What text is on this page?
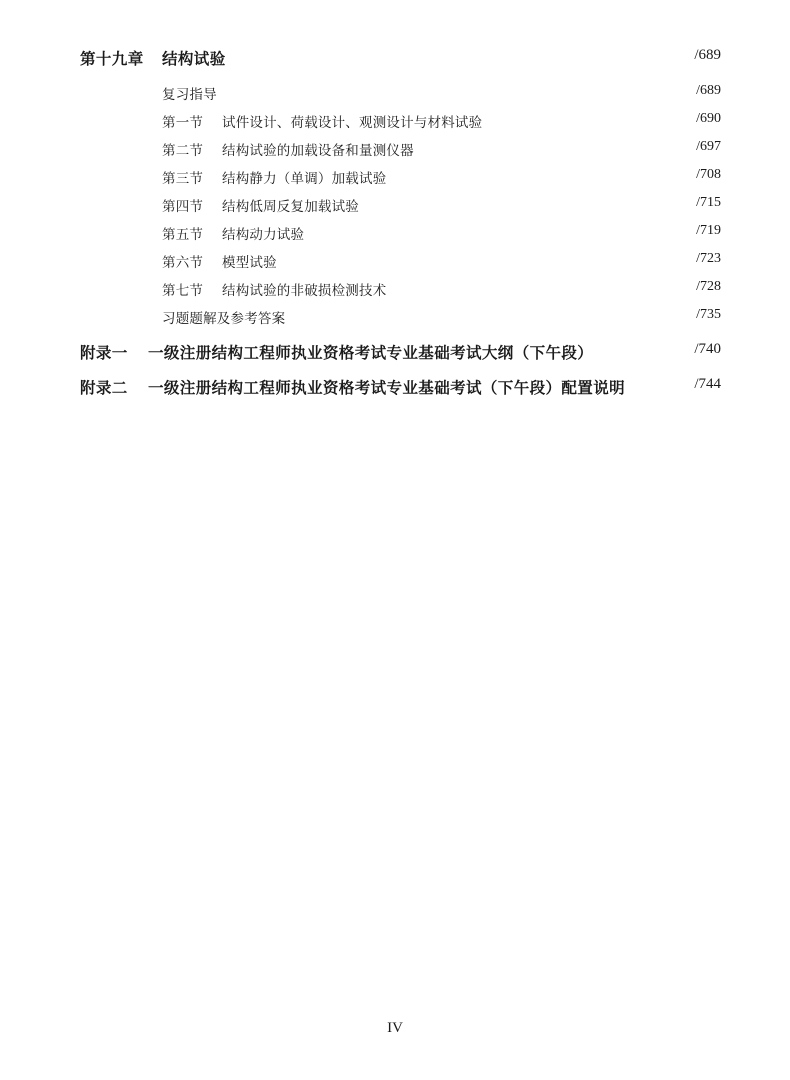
第十九章 结构试验	/689
复习指导	/689
第一节 试件设计、荷载设计、观测设计与材料试验	/690
第二节 结构试验的加载设备和量测仪器	/697
第三节 结构静力（单调）加载试验	/708
第四节 结构低周反复加载试验	/715
第五节 结构动力试验	/719
第六节 模型试验	/723
第七节 结构试验的非破损检测技术	/728
习题题解及参考答案	/735
附录一 一级注册结构工程师执业资格考试专业基础考试大纲（下午段）	/740
附录二 一级注册结构工程师执业资格考试专业基础考试（下午段）配置说明	/744
IV
